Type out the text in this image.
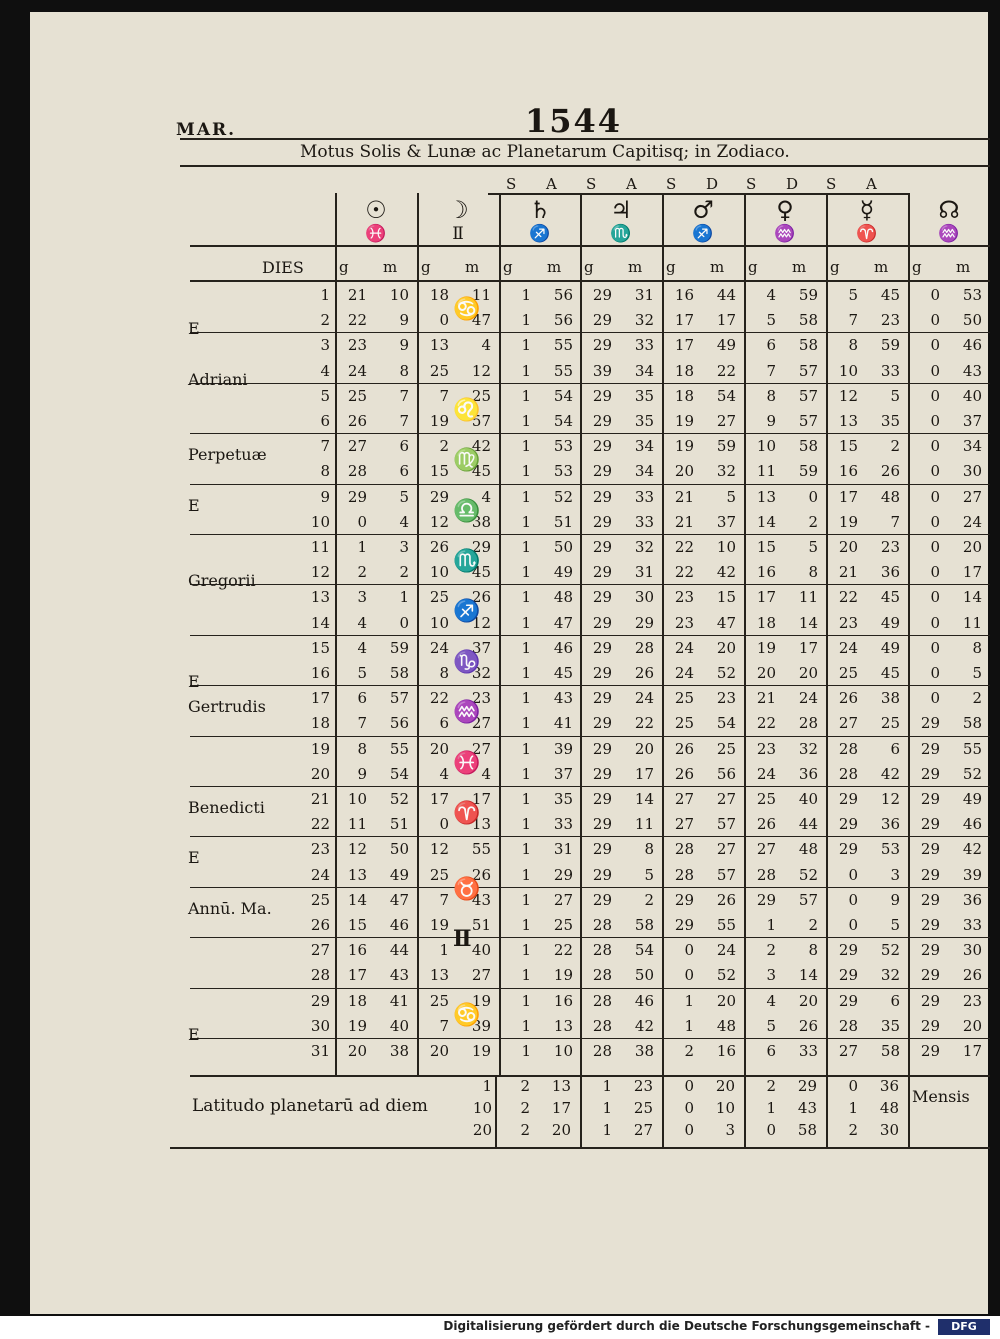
MAR.	1544
Motus Solis & Lunæ ac Planetarum Capitisq; in Zodiaco.
DIES
Latitudo planetarū ad diem	Mensis
S A S A S D S D S A
☉
♓
g m
☽
Ⅱ
g m
♄
♐
g m
♃
♏
g m
♂
♐
g m
♀
♒
g m
☿
♈
g m
☊
♒
g m
1	21	10	18	11	1	56	29	31	16	44	4	59	5	45	0	53
2	22	9	0	47	1	56	29	32	17	17	5	58	7	23	0	50
3	23	9	13	4	1	55	29	33	17	49	6	58	8	59	0	46
4	24	8	25	12	1	55	39	34	18	22	7	57	10	33	0	43
5	25	7	7	25	1	54	29	35	18	54	8	57	12	5	0	40
6	26	7	19	57	1	54	29	35	19	27	9	57	13	35	0	37
7	27	6	2	42	1	53	29	34	19	59	10	58	15	2	0	34
8	28	6	15	45	1	53	29	34	20	32	11	59	16	26	0	30
9	29	5	29	4	1	52	29	33	21	5	13	0	17	48	0	27
10	0	4	12	38	1	51	29	33	21	37	14	2	19	7	0	24
11	1	3	26	29	1	50	29	32	22	10	15	5	20	23	0	20
12	2	2	10	45	1	49	29	31	22	42	16	8	21	36	0	17
13	3	1	25	26	1	48	29	30	23	15	17	11	22	45	0	14
14	4	0	10	12	1	47	29	29	23	47	18	14	23	49	0	11
15	4	59	24	37	1	46	29	28	24	20	19	17	24	49	0	8
16	5	58	8	32	1	45	29	26	24	52	20	20	25	45	0	5
17	6	57	22	23	1	43	29	24	25	23	21	24	26	38	0	2
18	7	56	6	27	1	41	29	22	25	54	22	28	27	25	29	58
19	8	55	20	27	1	39	29	20	26	25	23	32	28	6	29	55
20	9	54	4	4	1	37	29	17	26	56	24	36	28	42	29	52
21	10	52	17	17	1	35	29	14	27	27	25	40	29	12	29	49
22	11	51	0	13	1	33	29	11	27	57	26	44	29	36	29	46
23	12	50	12	55	1	31	29	8	28	27	27	48	29	53	29	42
24	13	49	25	26	1	29	29	5	28	57	28	52	0	3	29	39
25	14	47	7	43	1	27	29	2	29	26	29	57	0	9	29	36
26	15	46	19	51	1	25	28	58	29	55	1	2	0	5	29	33
27	16	44	1	40	1	22	28	54	0	24	2	8	29	52	29	30
28	17	43	13	27	1	19	28	50	0	52	3	14	29	32	29	26
29	18	41	25	19	1	16	28	46	1	20	4	20	29	6	29	23
30	19	40	7	39	1	13	28	42	1	48	5	26	28	35	29	20
31	20	38	20	19	1	10	28	38	2	16	6	33	27	58	29	17
E
Adriani
Perpetuæ
E
Gregorii
E
Gertrudis
Benedicti
E
Annū. Ma.
E
♋
♌
♍
♎
♏
♐
♑
♒
♓
♈
♉
Ⅱ
♋
1	2	13	1	23	0	20	2	29	0	36
10	2	17	1	25	0	10	1	43	1	48
20	2	20	1	27	0	3	0	58	2	30
Digitalisierung gefördert durch die Deutsche Forschungsgemeinschaft -	DFG
